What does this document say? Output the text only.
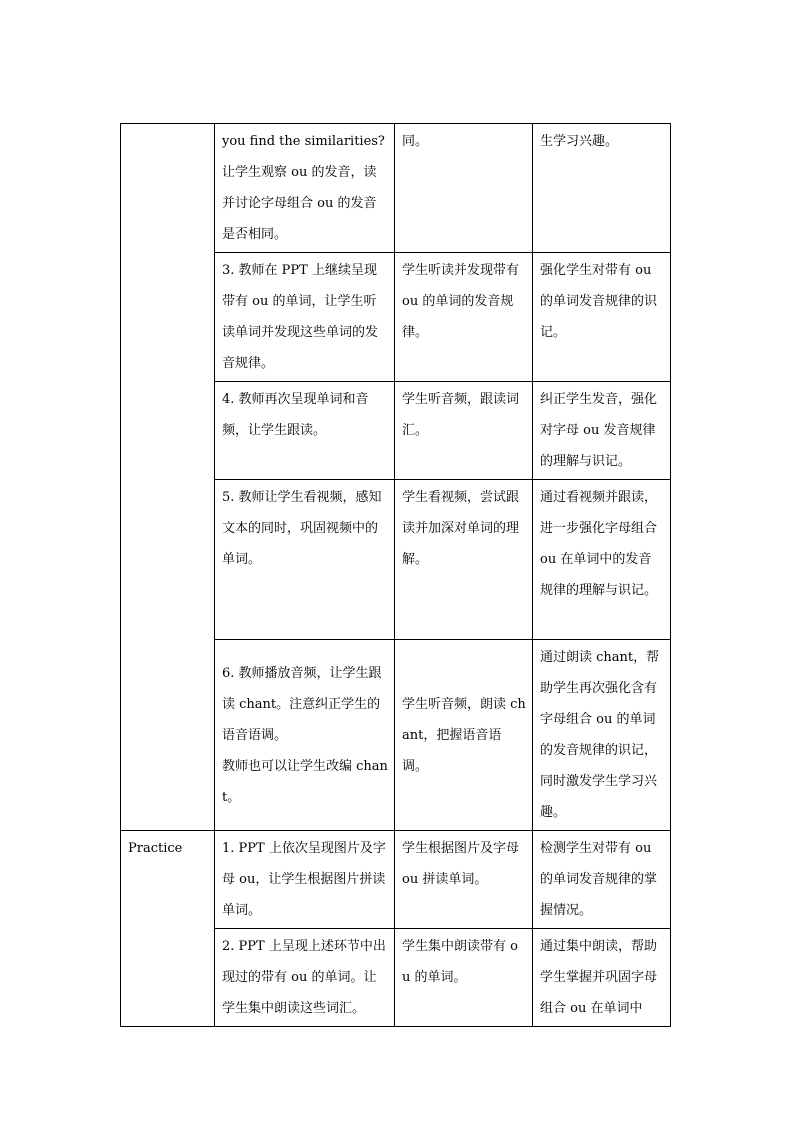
	you find the similarities? 让学生观察 ou 的发音，读并讨论字母组合 ou 的发音是否相同。	同。	生学习兴趣。

	3. 教师在 PPT 上继续呈现带有 ou 的单词，让学生听读单词并发现这些单词的发音规律。	学生听读并发现带有 ou 的单词的发音规律。	强化学生对带有 ou 的单词发音规律的识记。

	4. 教师再次呈现单词和音频，让学生跟读。	学生听音频，跟读词汇。	纠正学生发音，强化对字母 ou 发音规律的理解与识记。

	5. 教师让学生看视频，感知文本的同时，巩固视频中的单词。	学生看视频，尝试跟读并加深对单词的理解。	通过看视频并跟读，进一步强化字母组合 ou 在单词中的发音规律的理解与识记。

	6. 教师播放音频，让学生跟读 chant。注意纠正学生的语音语调。
教师也可以让学生改编 chant。	学生听音频，朗读 chant，把握语音语调。	通过朗读 chant，帮助学生再次强化含有字母组合 ou 的单词的发音规律的识记，同时激发学生学习兴趣。
Practice	1. PPT 上依次呈现图片及字母 ou，让学生根据图片拼读单词。	学生根据图片及字母 ou 拼读单词。	检测学生对带有 ou 的单词发音规律的掌握情况。

	2. PPT 上呈现上述环节中出现过的带有 ou 的单词。让学生集中朗读这些词汇。	学生集中朗读带有 ou 的单词。	通过集中朗读，帮助学生掌握并巩固字母组合 ou 在单词中
